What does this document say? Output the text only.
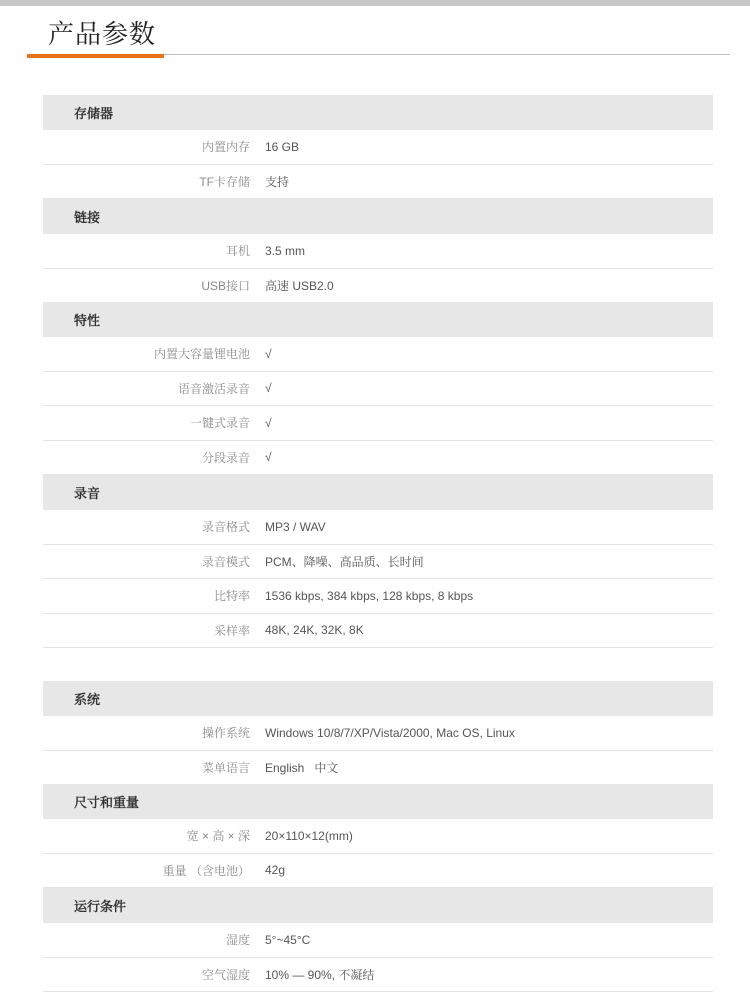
产品参数
存储器
内置内存	16 GB
TF卡存储	支持
链接
耳机	3.5 mm
USB接口	高速 USB2.0
特性
内置大容量锂电池	√
语音激活录音	√
一键式录音	√
分段录音	√
录音
录音格式	MP3 / WAV
录音模式	PCM、降噪、高品质、长时间
比特率	1536 kbps, 384 kbps, 128 kbps, 8 kbps
采样率	48K, 24K, 32K, 8K
系统
操作系统	Windows 10/8/7/XP/Vista/2000, Mac OS, Linux
菜单语言	English   中文
尺寸和重量
宽 × 高 × 深	20×110×12(mm)
重量 （含电池）	42g
运行条件
湿度	5°~45°C
空气湿度	10% — 90%, 不凝结
